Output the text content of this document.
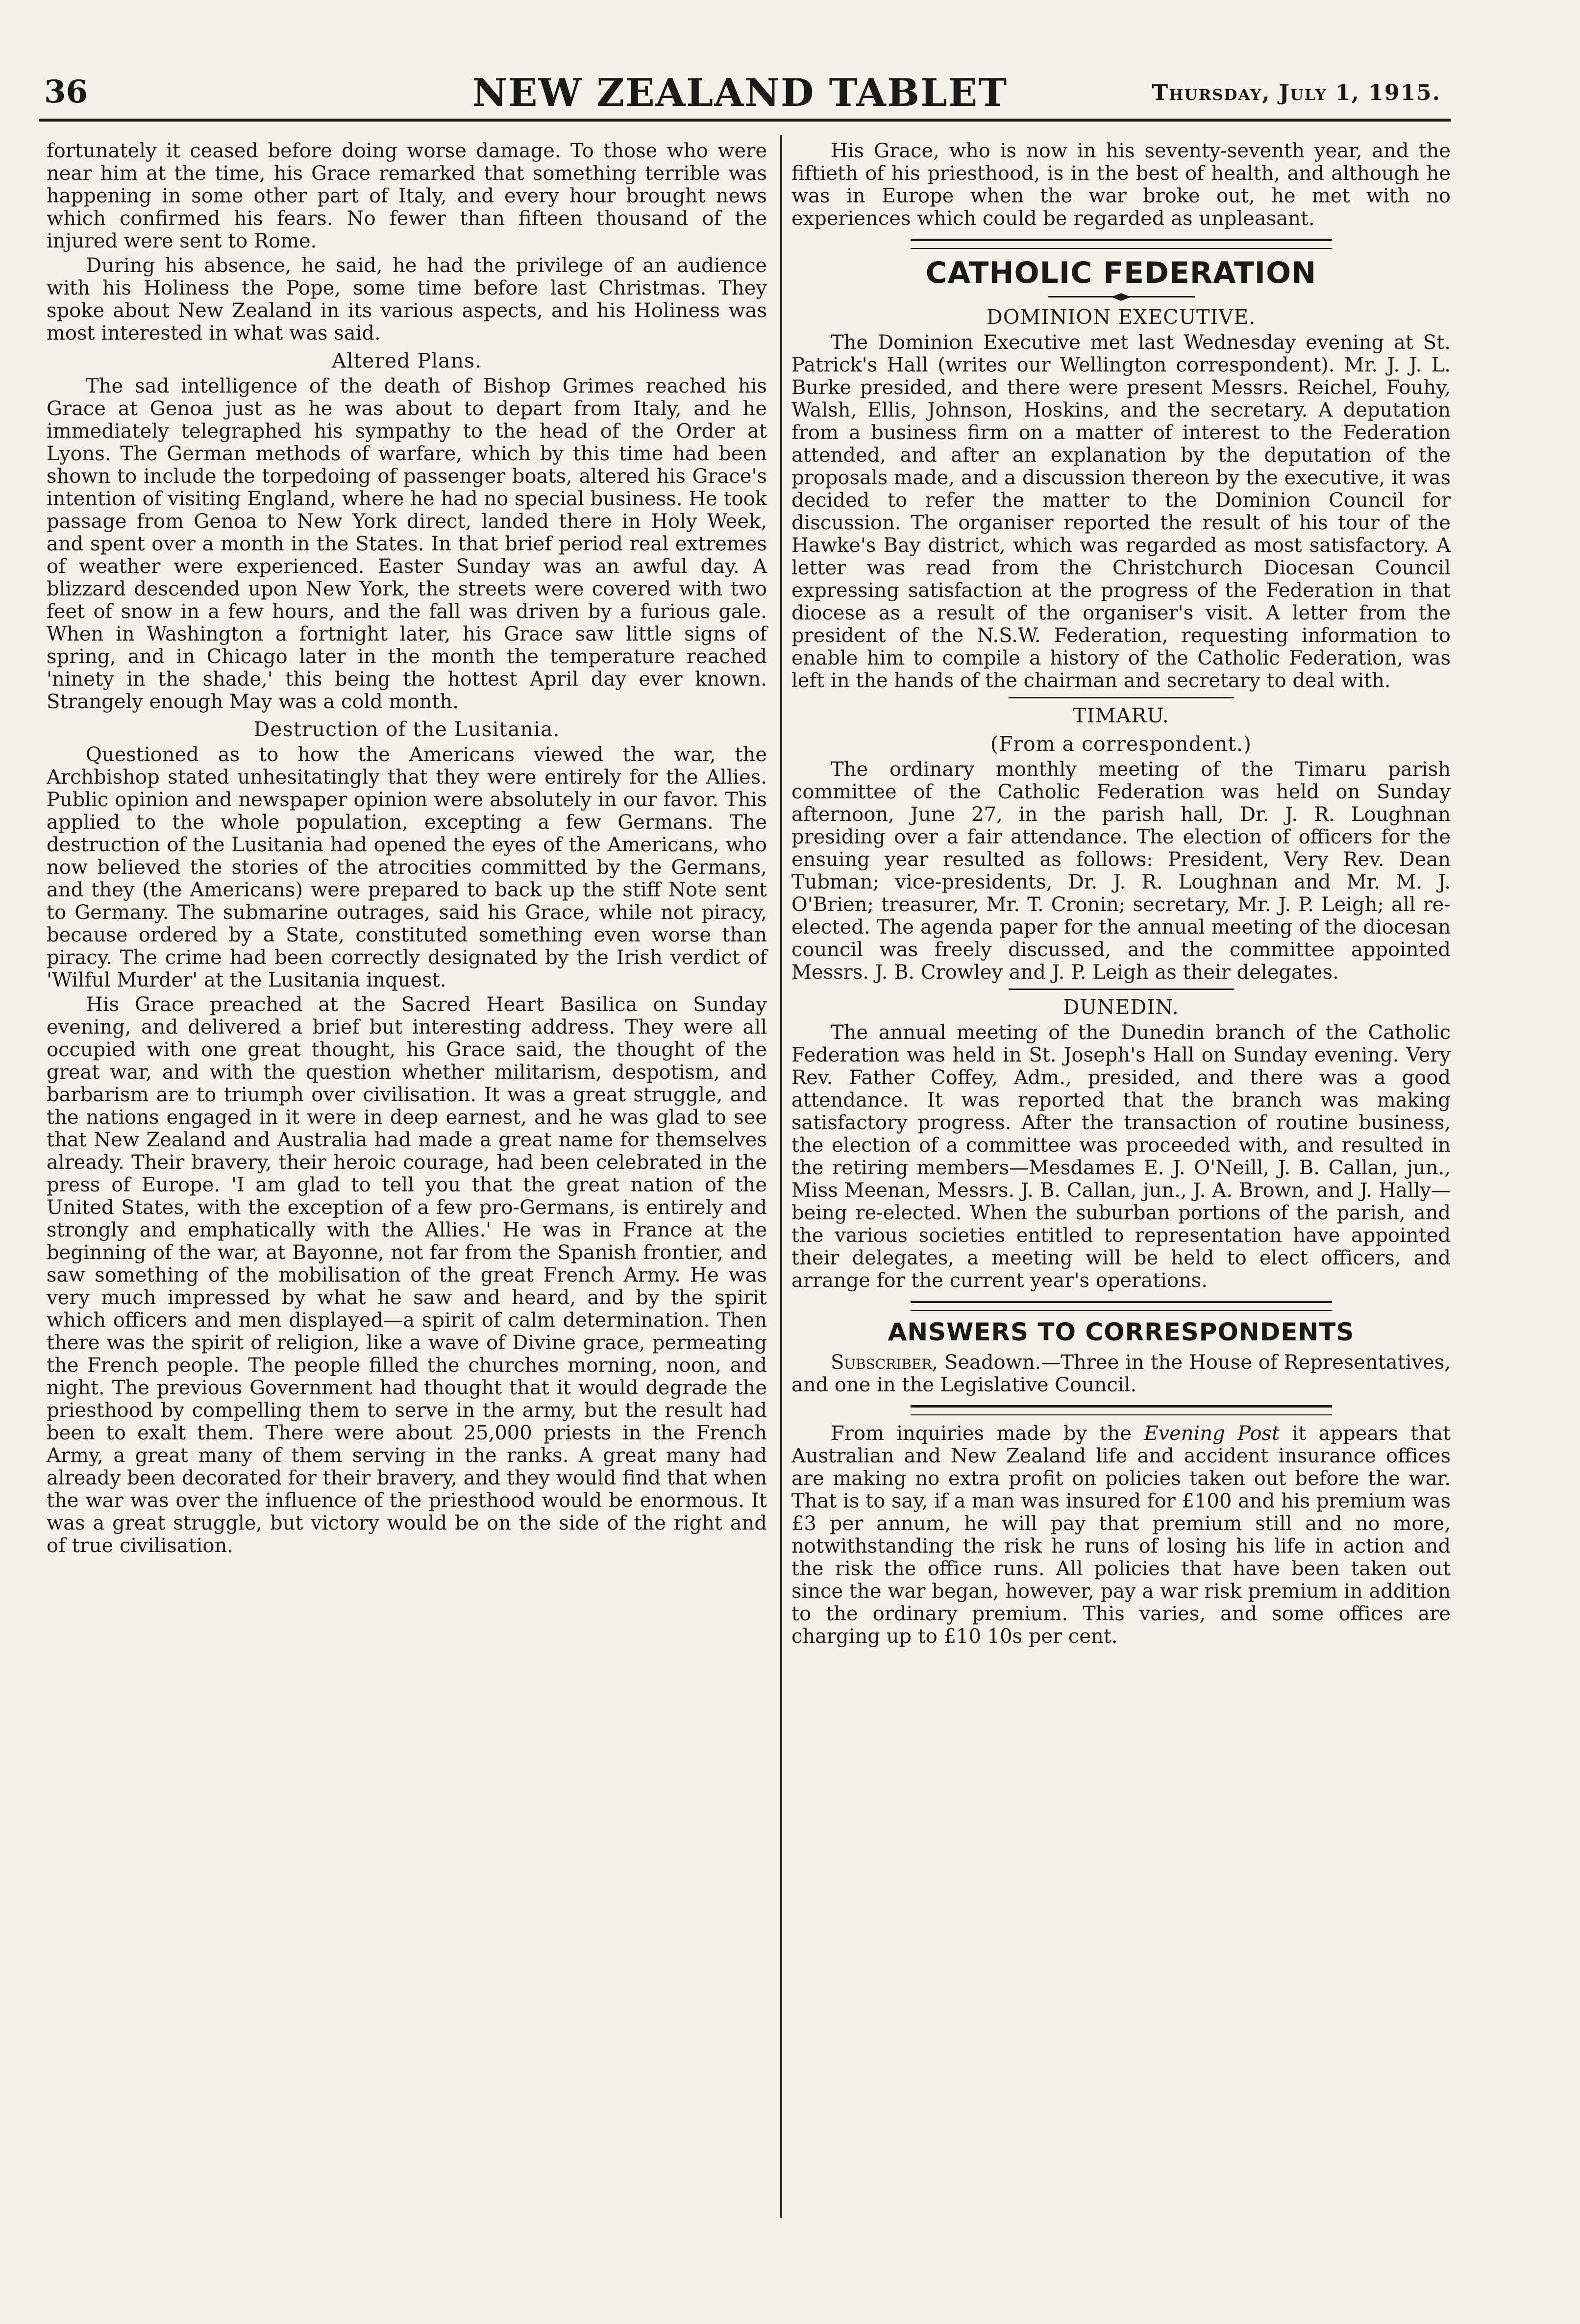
36	NEW ZEALAND TABLET	Thursday, July 1, 1915.

fortunately it ceased before doing worse damage. To those who were near him at the time, his Grace remarked that something terrible was happening in some other part of Italy, and every hour brought news which confirmed his fears. No fewer than fifteen thousand of the injured were sent to Rome.

During his absence, he said, he had the privilege of an audience with his Holiness the Pope, some time before last Christmas. They spoke about New Zealand in its various aspects, and his Holiness was most interested in what was said.

Altered Plans.

The sad intelligence of the death of Bishop Grimes reached his Grace at Genoa just as he was about to depart from Italy, and he immediately telegraphed his sympathy to the head of the Order at Lyons. The German methods of warfare, which by this time had been shown to include the torpedoing of passenger boats, altered his Grace's intention of visiting England, where he had no special business. He took passage from Genoa to New York direct, landed there in Holy Week, and spent over a month in the States. In that brief period real extremes of weather were experienced. Easter Sunday was an awful day. A blizzard descended upon New York, the streets were covered with two feet of snow in a few hours, and the fall was driven by a furious gale. When in Washington a fortnight later, his Grace saw little signs of spring, and in Chicago later in the month the temperature reached 'ninety in the shade,' this being the hottest April day ever known. Strangely enough May was a cold month.

Destruction of the Lusitania.

Questioned as to how the Americans viewed the war, the Archbishop stated unhesitatingly that they were entirely for the Allies. Public opinion and newspaper opinion were absolutely in our favor. This applied to the whole population, excepting a few Germans. The destruction of the Lusitania had opened the eyes of the Americans, who now believed the stories of the atrocities committed by the Germans, and they (the Americans) were prepared to back up the stiff Note sent to Germany. The submarine outrages, said his Grace, while not piracy, because ordered by a State, constituted something even worse than piracy. The crime had been correctly designated by the Irish verdict of 'Wilful Murder' at the Lusitania inquest.

His Grace preached at the Sacred Heart Basilica on Sunday evening, and delivered a brief but interesting address. They were all occupied with one great thought, his Grace said, the thought of the great war, and with the question whether militarism, despotism, and barbarism are to triumph over civilisation. It was a great struggle, and the nations engaged in it were in deep earnest, and he was glad to see that New Zealand and Australia had made a great name for themselves already. Their bravery, their heroic courage, had been celebrated in the press of Europe. 'I am glad to tell you that the great nation of the United States, with the exception of a few pro-Germans, is entirely and strongly and emphatically with the Allies.' He was in France at the beginning of the war, at Bayonne, not far from the Spanish frontier, and saw something of the mobilisation of the great French Army. He was very much impressed by what he saw and heard, and by the spirit which officers and men displayed—a spirit of calm determination. Then there was the spirit of religion, like a wave of Divine grace, permeating the French people. The people filled the churches morning, noon, and night. The previous Government had thought that it would degrade the priesthood by compelling them to serve in the army, but the result had been to exalt them. There were about 25,000 priests in the French Army, a great many of them serving in the ranks. A great many had already been decorated for their bravery, and they would find that when the war was over the influence of the priesthood would be enormous. It was a great struggle, but victory would be on the side of the right and of true civilisation.

His Grace, who is now in his seventy-seventh year, and the fiftieth of his priesthood, is in the best of health, and although he was in Europe when the war broke out, he met with no experiences which could be regarded as unpleasant.

CATHOLIC FEDERATION
DOMINION EXECUTIVE.

The Dominion Executive met last Wednesday evening at St. Patrick's Hall (writes our Wellington correspondent). Mr. J. J. L. Burke presided, and there were present Messrs. Reichel, Fouhy, Walsh, Ellis, Johnson, Hoskins, and the secretary. A deputation from a business firm on a matter of interest to the Federation attended, and after an explanation by the deputation of the proposals made, and a discussion thereon by the executive, it was decided to refer the matter to the Dominion Council for discussion. The organiser reported the result of his tour of the Hawke's Bay district, which was regarded as most satisfactory. A letter was read from the Christchurch Diocesan Council expressing satisfaction at the progress of the Federation in that diocese as a result of the organiser's visit. A letter from the president of the N.S.W. Federation, requesting information to enable him to compile a history of the Catholic Federation, was left in the hands of the chairman and secretary to deal with.

TIMARU.
(From a correspondent.)

The ordinary monthly meeting of the Timaru parish committee of the Catholic Federation was held on Sunday afternoon, June 27, in the parish hall, Dr. J. R. Loughnan presiding over a fair attendance. The election of officers for the ensuing year resulted as follows: President, Very Rev. Dean Tubman; vice-presidents, Dr. J. R. Loughnan and Mr. M. J. O'Brien; treasurer, Mr. T. Cronin; secretary, Mr. J. P. Leigh; all re-elected. The agenda paper for the annual meeting of the diocesan council was freely discussed, and the committee appointed Messrs. J. B. Crowley and J. P. Leigh as their delegates.

DUNEDIN.

The annual meeting of the Dunedin branch of the Catholic Federation was held in St. Joseph's Hall on Sunday evening. Very Rev. Father Coffey, Adm., presided, and there was a good attendance. It was reported that the branch was making satisfactory progress. After the transaction of routine business, the election of a committee was proceeded with, and resulted in the retiring members—Mesdames E. J. O'Neill, J. B. Callan, jun., Miss Meenan, Messrs. J. B. Callan, jun., J. A. Brown, and J. Hally—being re-elected. When the suburban portions of the parish, and the various societies entitled to representation have appointed their delegates, a meeting will be held to elect officers, and arrange for the current year's operations.

ANSWERS TO CORRESPONDENTS

Subscriber, Seadown.—Three in the House of Representatives, and one in the Legislative Council.

From inquiries made by the Evening Post it appears that Australian and New Zealand life and accident insurance offices are making no extra profit on policies taken out before the war. That is to say, if a man was insured for £100 and his premium was £3 per annum, he will pay that premium still and no more, notwithstanding the risk he runs of losing his life in action and the risk the office runs. All policies that have been taken out since the war began, however, pay a war risk premium in addition to the ordinary premium. This varies, and some offices are charging up to £10 10s per cent.
